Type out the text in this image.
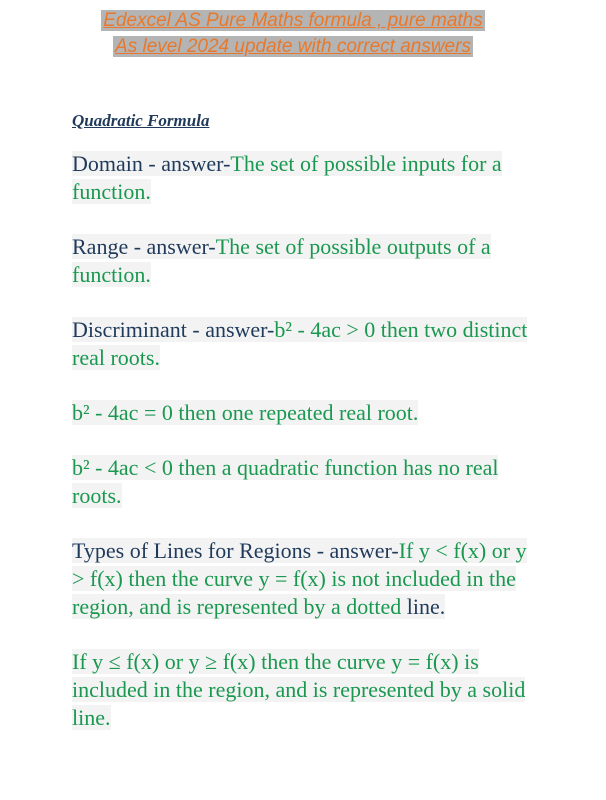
Edexcel AS Pure Maths formula , pure maths As level 2024 update with correct answers
Quadratic Formula

Domain - answer-The set of possible inputs for a function.

Range - answer-The set of possible outputs of a function.

Discriminant - answer-b² - 4ac > 0 then two distinct real roots.

b² - 4ac = 0 then one repeated real root.

b² - 4ac < 0 then a quadratic function has no real roots.

Types of Lines for Regions - answer-If y < f(x) or y > f(x) then the curve y = f(x) is not included in the region, and is represented by a dotted line.

If y ≤ f(x) or y ≥ f(x) then the curve y = f(x) is included in the region, and is represented by a solid line.
